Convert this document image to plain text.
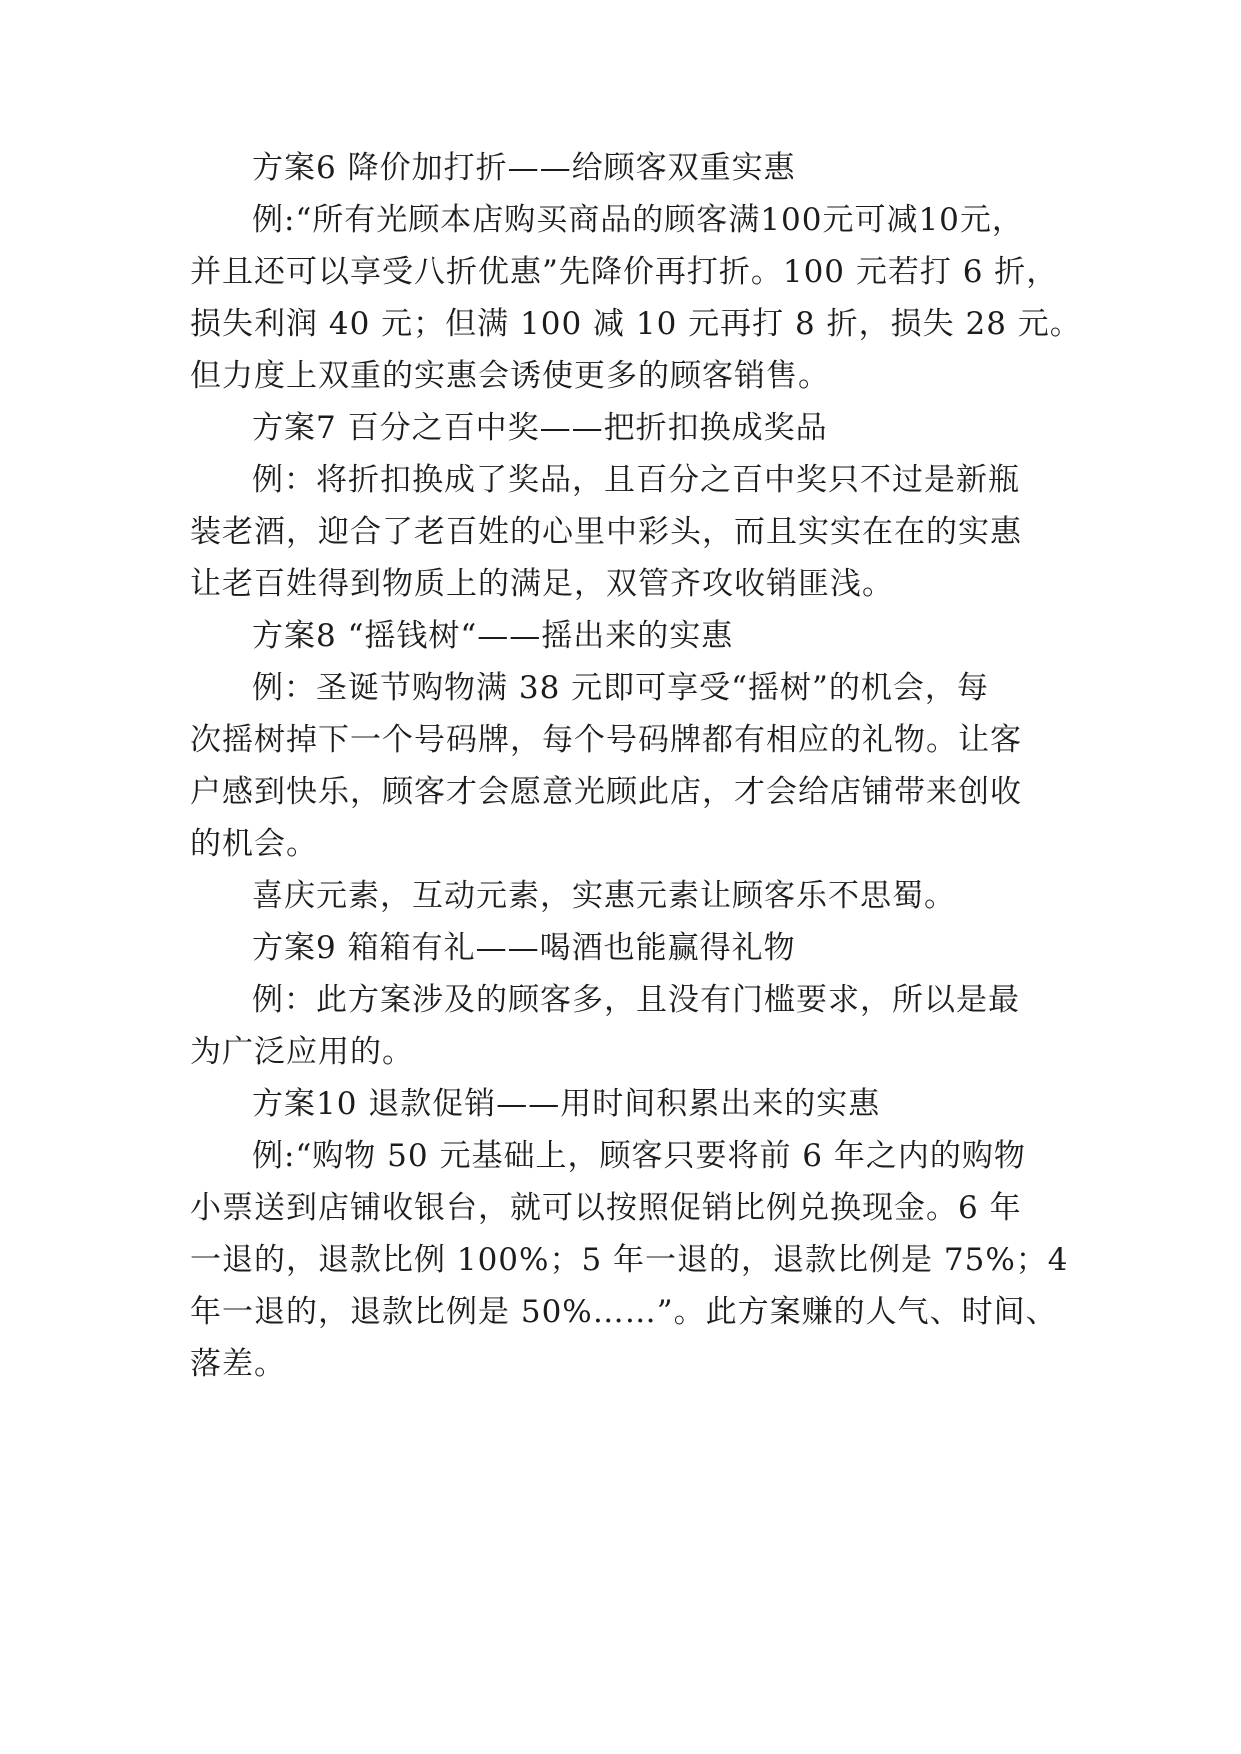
方案6 降价加打折——给顾客双重实惠
例:“所有光顾本店购买商品的顾客满100元可减10元，
并且还可以享受八折优惠”先降价再打折。100 元若打 6 折，
损失利润 40 元；但满 100 减 10 元再打 8 折，损失 28 元。
但力度上双重的实惠会诱使更多的顾客销售。
方案7 百分之百中奖——把折扣换成奖品
例：将折扣换成了奖品，且百分之百中奖只不过是新瓶
装老酒，迎合了老百姓的心里中彩头，而且实实在在的实惠
让老百姓得到物质上的满足，双管齐攻收销匪浅。
方案8 “摇钱树“——摇出来的实惠
例：圣诞节购物满 38 元即可享受“摇树”的机会，每
次摇树掉下一个号码牌，每个号码牌都有相应的礼物。让客
户感到快乐，顾客才会愿意光顾此店，才会给店铺带来创收
的机会。
喜庆元素，互动元素，实惠元素让顾客乐不思蜀。
方案9 箱箱有礼——喝酒也能赢得礼物
例：此方案涉及的顾客多，且没有门槛要求，所以是最
为广泛应用的。
方案10 退款促销——用时间积累出来的实惠
例:“购物 50 元基础上，顾客只要将前 6 年之内的购物
小票送到店铺收银台，就可以按照促销比例兑换现金。6 年
一退的，退款比例 100%；5 年一退的，退款比例是 75%；4
年一退的，退款比例是 50%……”。此方案赚的人气、时间、
落差。
